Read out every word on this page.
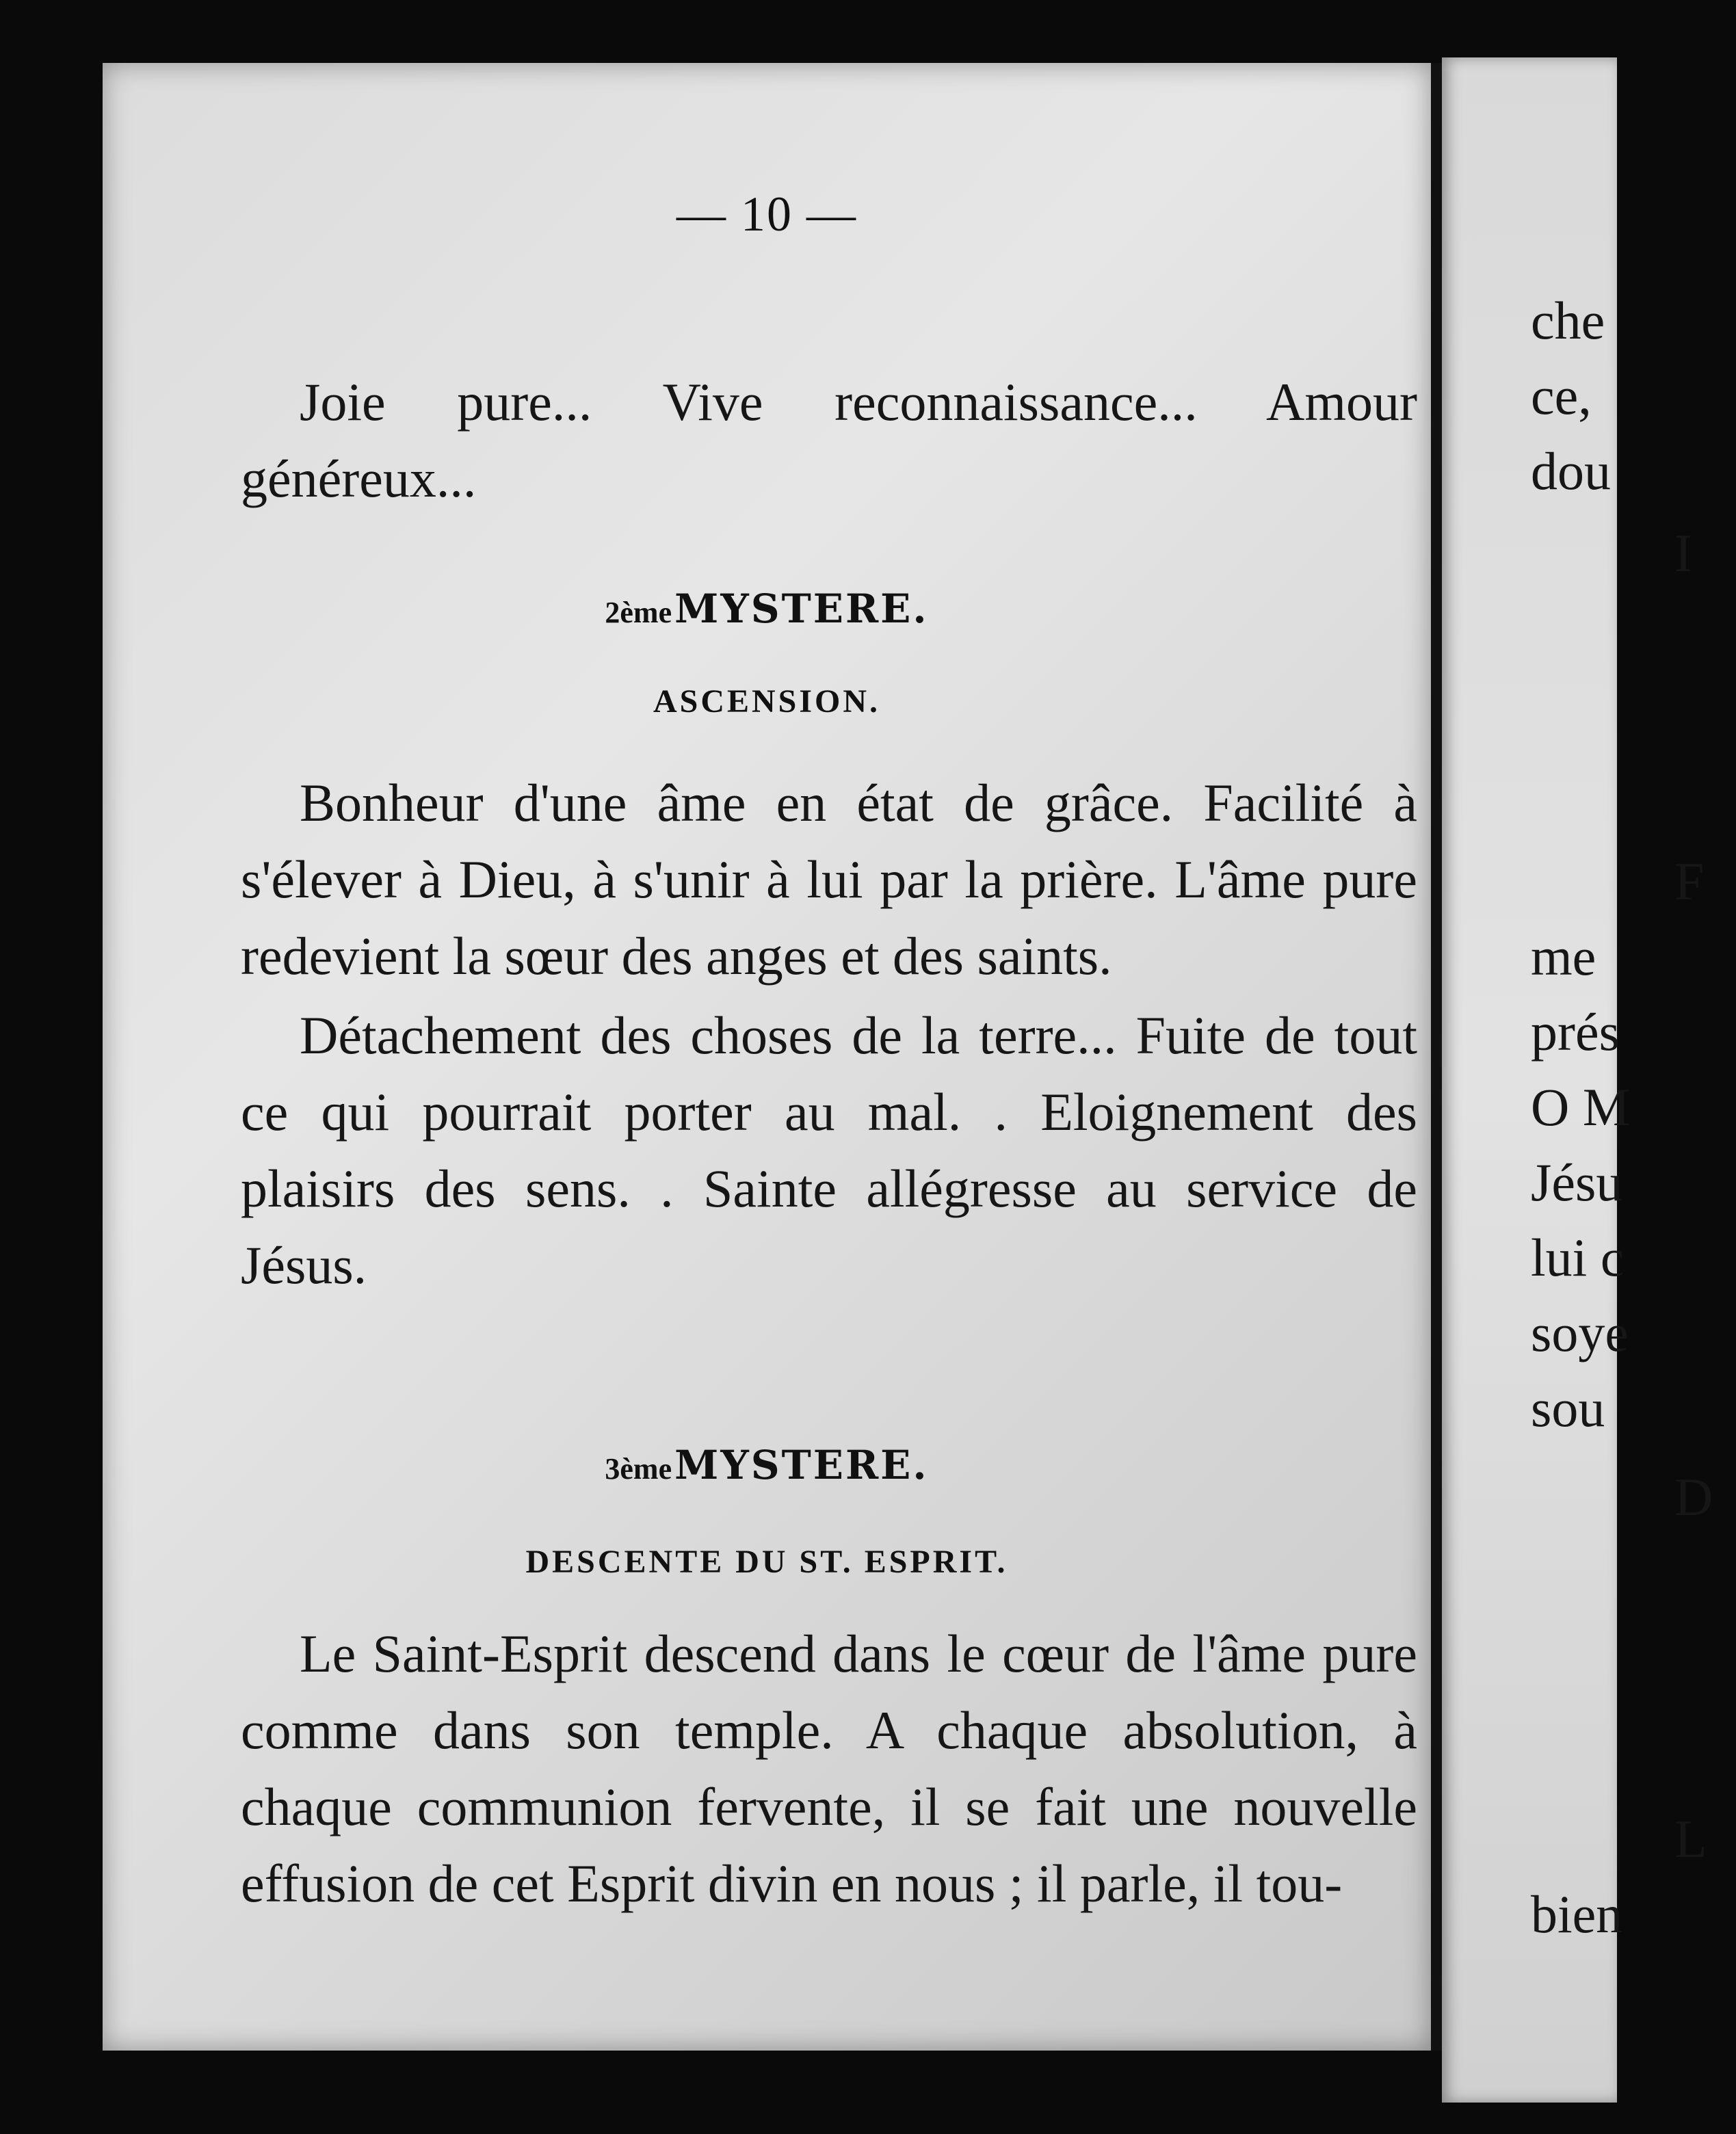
— 10 —

Joie pure... Vive reconnaissance... Amour généreux...

2ème MYSTERE.
ASCENSION.

Bonheur d'une âme en état de grâce. Facilité à s'élever à Dieu, à s'unir à lui par la prière. L'âme pure redevient la sœur des anges et des saints.

Détachement des choses de la terre... Fuite de tout ce qui pourrait porter au mal. . Eloignement des plaisirs des sens. . Sainte allégresse au service de Jésus.

3ème MYSTERE.
DESCENTE DU ST. ESPRIT.

Le Saint-Esprit descend dans le cœur de l'âme pure comme dans son temple. A chaque absolution, à chaque communion fervente, il se fait une nouvelle effusion de cet Esprit divin en nous ; il parle, il tou-

che
ce,
dou
I
F
me
prés
O M
Jésu
lui c
soye
sou
D
L
bien
